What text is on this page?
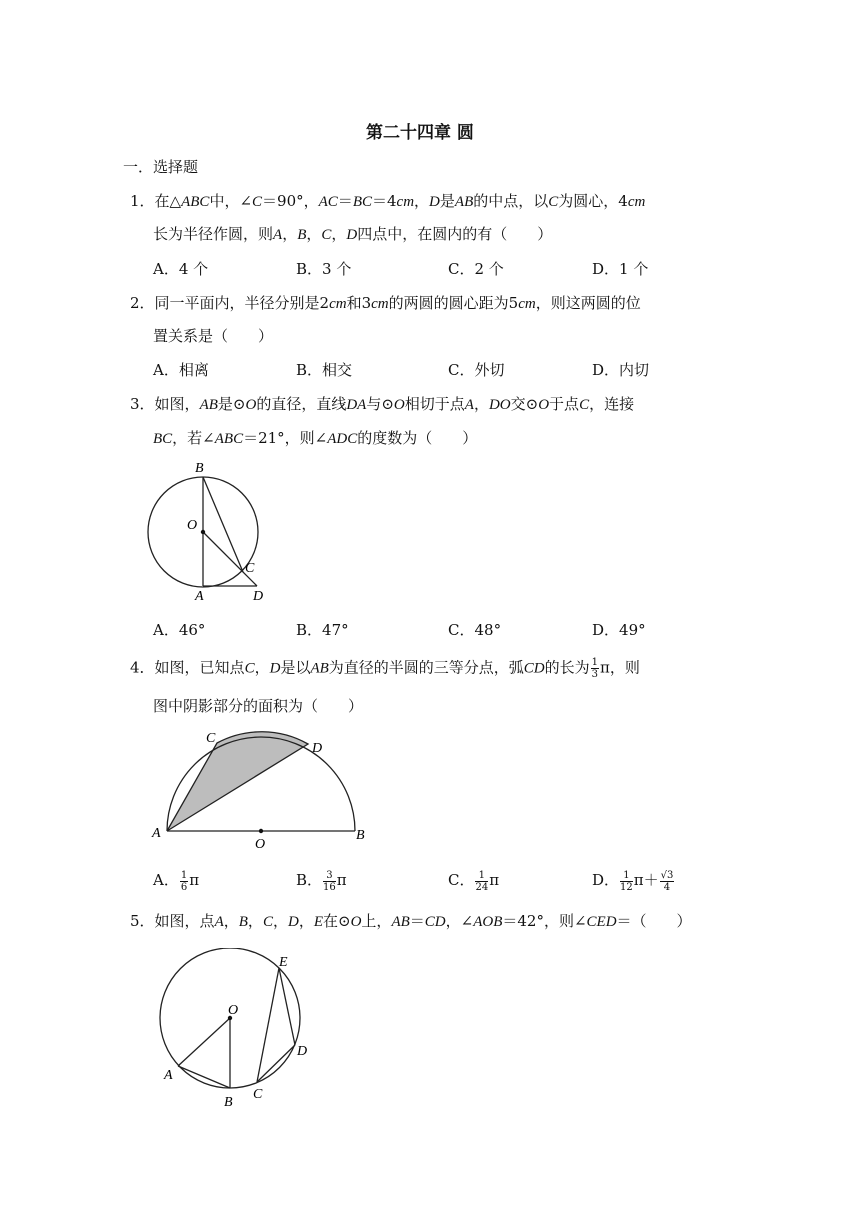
第二十四章 圆
一．选择题
1．在△ABC中，∠C＝90°，AC＝BC＝4cm，D是AB的中点，以C为圆心，4cm
长为半径作圆，则A，B，C，D四点中，在圆内的有（　　）
A．4 个	B．3 个	C．2 个	D．1 个
2．同一平面内，半径分别是2cm和3cm的两圆的圆心距为5cm，则这两圆的位
置关系是（　　）
A．相离	B．相交	C．外切	D．内切
3．如图，AB是⊙O的直径，直线DA与⊙O相切于点A，DO交⊙O于点C，连接
BC，若∠ABC＝21°，则∠ADC的度数为（　　）
B
O
C
A	D
A．46°	B．47°	C．48°	D．49°
4．如图，已知点C，D是以AB为直径的半圆的三等分点，弧CD的长为 $\frac{1}{3}$ π，则
图中阴影部分的面积为（　　）
C
D
A
O
B
A． $\frac{1}{6}$ π	B． $\frac{3}{16}$ π	C． $\frac{1}{24}$ π	D． $\frac{1}{12} \pi+ \frac{√3}{4}$
5．如图，点A，B，C，D，E在⊙O上，AB＝CD，∠AOB＝42°，则∠CED＝（　　）
E
O
D
A
B
C
